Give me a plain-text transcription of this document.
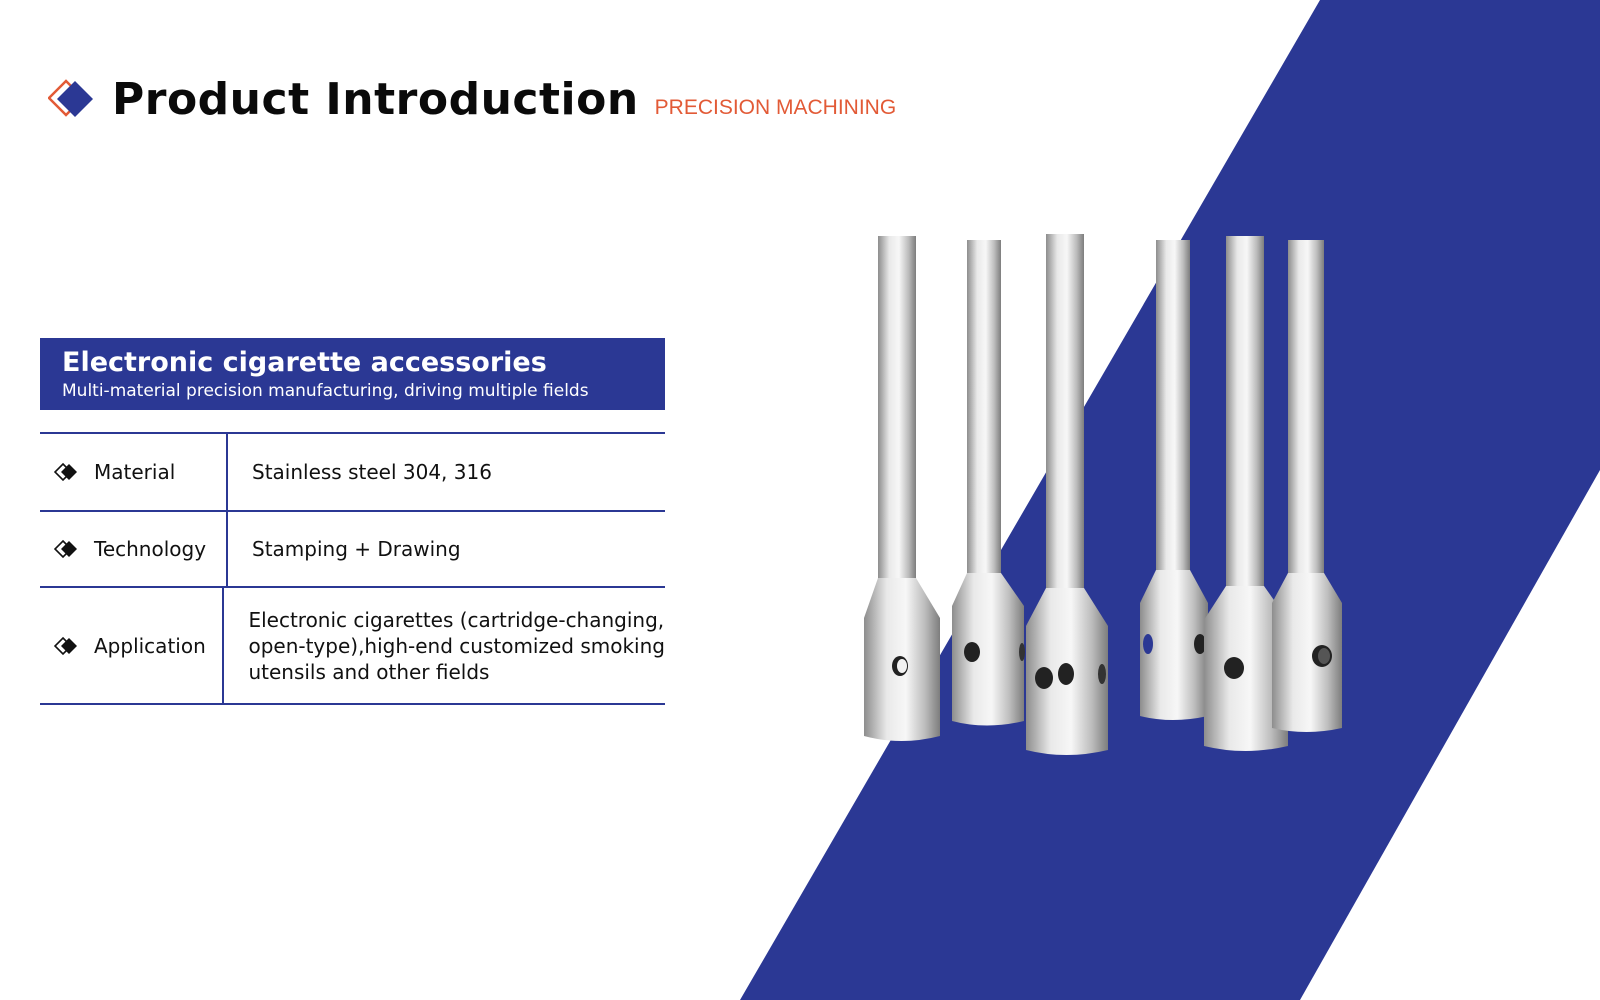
Product Introduction PRECISION MACHINING
Electronic cigarette accessories
Multi-material precision manufacturing, driving multiple fields
Material	Stainless steel 304, 316
Technology Stamping + Drawing
Application
Electronic cigarettes (cartridge-changing,
open-type),high-end customized smoking
utensils and other fields
